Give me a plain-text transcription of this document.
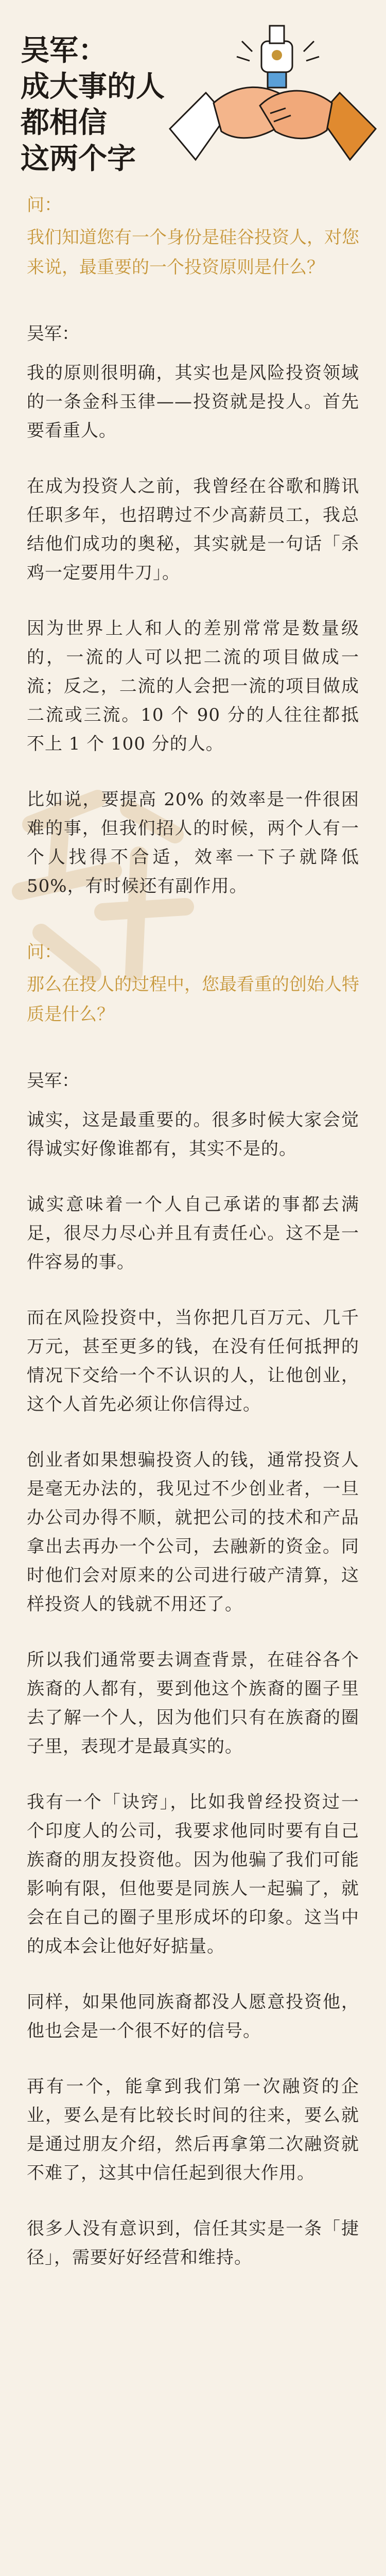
吴军：
成大事的人
都相信
这两个字
问：
我们知道您有一个身份是硅谷投资人，对您来说，最重要的一个投资原则是什么？
吴军：

我的原则很明确，其实也是风险投资领域的一条金科玉律——投资就是投人。首先要看重人。

在成为投资人之前，我曾经在谷歌和腾讯任职多年，也招聘过不少高薪员工，我总结他们成功的奥秘，其实就是一句话「杀鸡一定要用牛刀」。

因为世界上人和人的差别常常是数量级的，一流的人可以把二流的项目做成一流；反之，二流的人会把一流的项目做成二流或三流。10 个 90 分的人往往都抵不上 1 个 100 分的人。

比如说，要提高 20% 的效率是一件很困难的事，但我们招人的时候，两个人有一个人找得不合适，效率一下子就降低 50%，有时候还有副作用。

问：
那么在投人的过程中，您最看重的创始人特质是什么？
吴军：

诚实，这是最重要的。很多时候大家会觉得诚实好像谁都有，其实不是的。

诚实意味着一个人自己承诺的事都去满足，很尽力尽心并且有责任心。这不是一件容易的事。

而在风险投资中，当你把几百万元、几千万元，甚至更多的钱，在没有任何抵押的情况下交给一个不认识的人，让他创业，这个人首先必须让你信得过。

创业者如果想骗投资人的钱，通常投资人是毫无办法的，我见过不少创业者，一旦办公司办得不顺，就把公司的技术和产品拿出去再办一个公司，去融新的资金。同时他们会对原来的公司进行破产清算，这样投资人的钱就不用还了。

所以我们通常要去调查背景，在硅谷各个族裔的人都有，要到他这个族裔的圈子里去了解一个人，因为他们只有在族裔的圈子里，表现才是最真实的。

我有一个「诀窍」，比如我曾经投资过一个印度人的公司，我要求他同时要有自己族裔的朋友投资他。因为他骗了我们可能影响有限，但他要是同族人一起骗了，就会在自己的圈子里形成坏的印象。这当中的成本会让他好好掂量。

同样，如果他同族裔都没人愿意投资他，他也会是一个很不好的信号。

再有一个，能拿到我们第一次融资的企业，要么是有比较长时间的往来，要么就是通过朋友介绍，然后再拿第二次融资就不难了，这其中信任起到很大作用。

很多人没有意识到，信任其实是一条「捷径」，需要好好经营和维持。
